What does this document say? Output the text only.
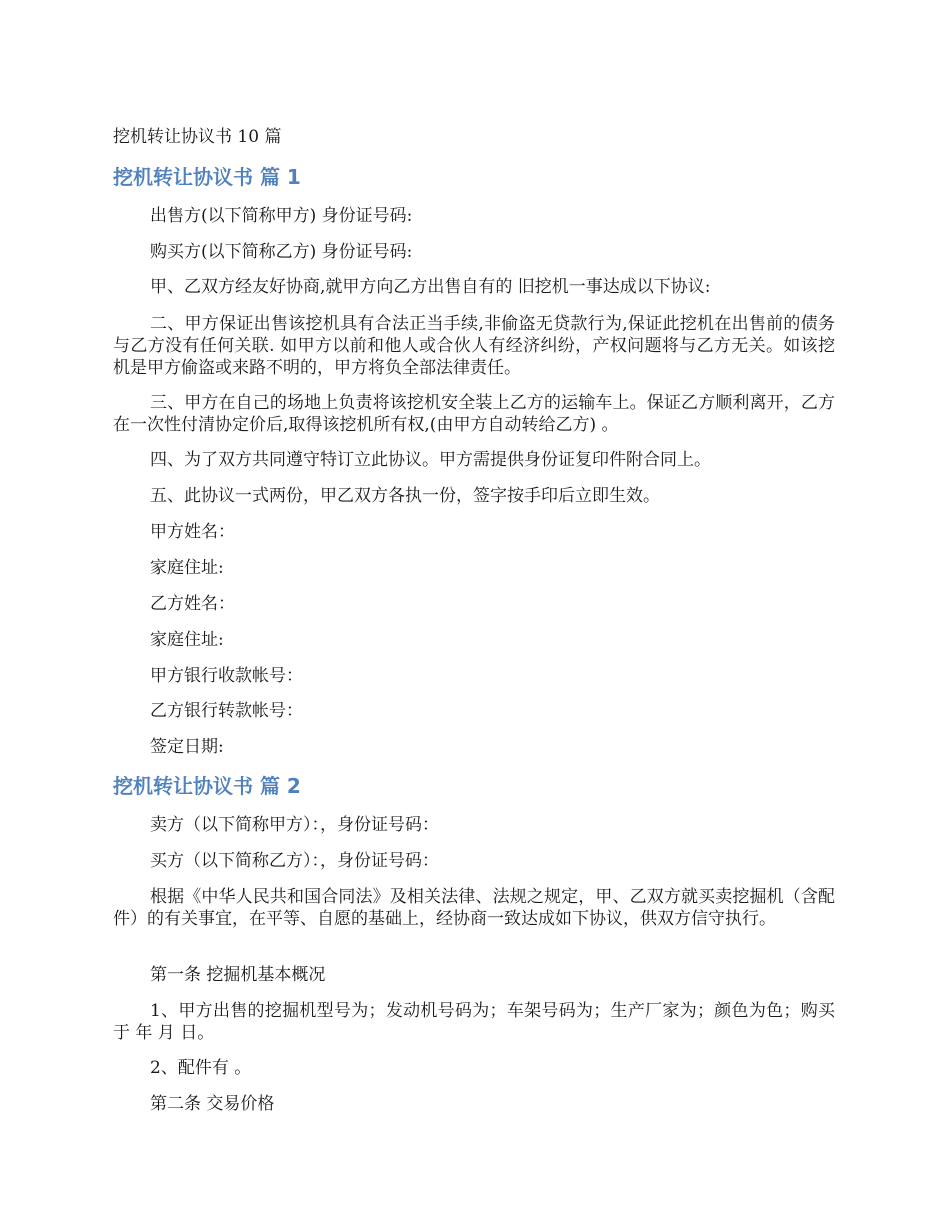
挖机转让协议书 10 篇
挖机转让协议书 篇 1
出售方(以下简称甲方) 身份证号码:
购买方(以下简称乙方) 身份证号码:
甲、乙双方经友好协商,就甲方向乙方出售自有的 旧挖机一事达成以下协议:
二、甲方保证出售该挖机具有合法正当手续,非偷盗无贷款行为,保证此挖机在出售前的债务与乙方没有任何关联. 如甲方以前和他人或合伙人有经济纠纷，产权问题将与乙方无关。如该挖机是甲方偷盗或来路不明的，甲方将负全部法律责任。
三、甲方在自己的场地上负责将该挖机安全装上乙方的运输车上。保证乙方顺利离开，乙方在一次性付清协定价后,取得该挖机所有权,(由甲方自动转给乙方) 。
四、为了双方共同遵守特订立此协议。甲方需提供身份证复印件附合同上。
五、此协议一式两份，甲乙双方各执一份，签字按手印后立即生效。
甲方姓名：
家庭住址:
乙方姓名：
家庭住址:
甲方银行收款帐号：
乙方银行转款帐号：
签定日期:
挖机转让协议书 篇 2
卖方（以下简称甲方）：，身份证号码：
买方（以下简称乙方）：，身份证号码：
根据《中华人民共和国合同法》及相关法律、法规之规定，甲、乙双方就买卖挖掘机（含配件）的有关事宜，在平等、自愿的基础上，经协商一致达成如下协议，供双方信守执行。
第一条 挖掘机基本概况
1、甲方出售的挖掘机型号为；发动机号码为；车架号码为；生产厂家为；颜色为色；购买于 年 月 日。
2、配件有 。
第二条 交易价格
